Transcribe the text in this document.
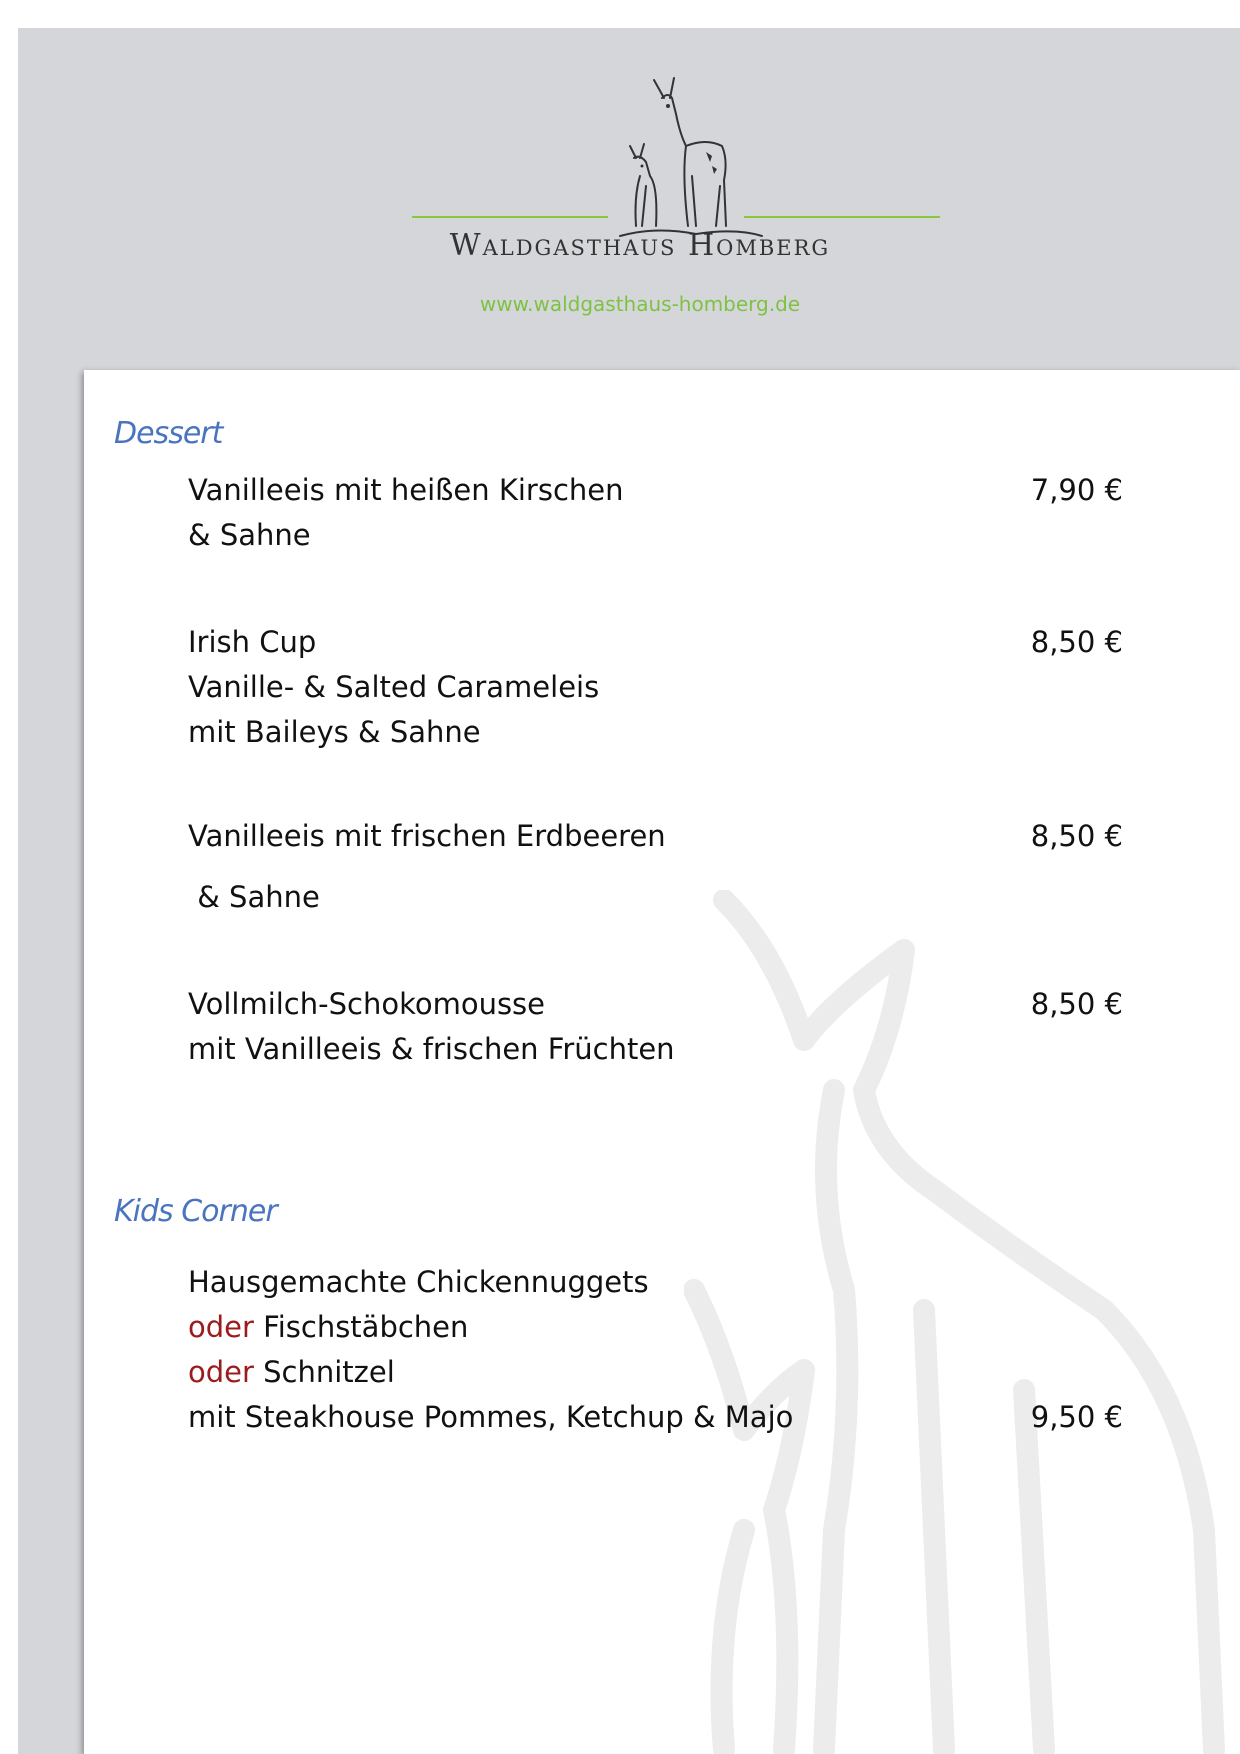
Waldgasthaus Homberg
www.waldgasthaus-homberg.de
Dessert
Vanilleeis mit heißen Kirschen
& Sahne
7,90 €
Irish Cup
Vanille- & Salted Carameleis
mit Baileys & Sahne
8,50 €
Vanilleeis mit frischen Erdbeeren
& Sahne
8,50 €
Vollmilch-Schokomousse
mit Vanilleeis & frischen Früchten
8,50 €
Kids Corner
Hausgemachte Chickennuggets
oder Fischstäbchen
oder Schnitzel
mit Steakhouse Pommes, Ketchup & Majo	9,50 €
